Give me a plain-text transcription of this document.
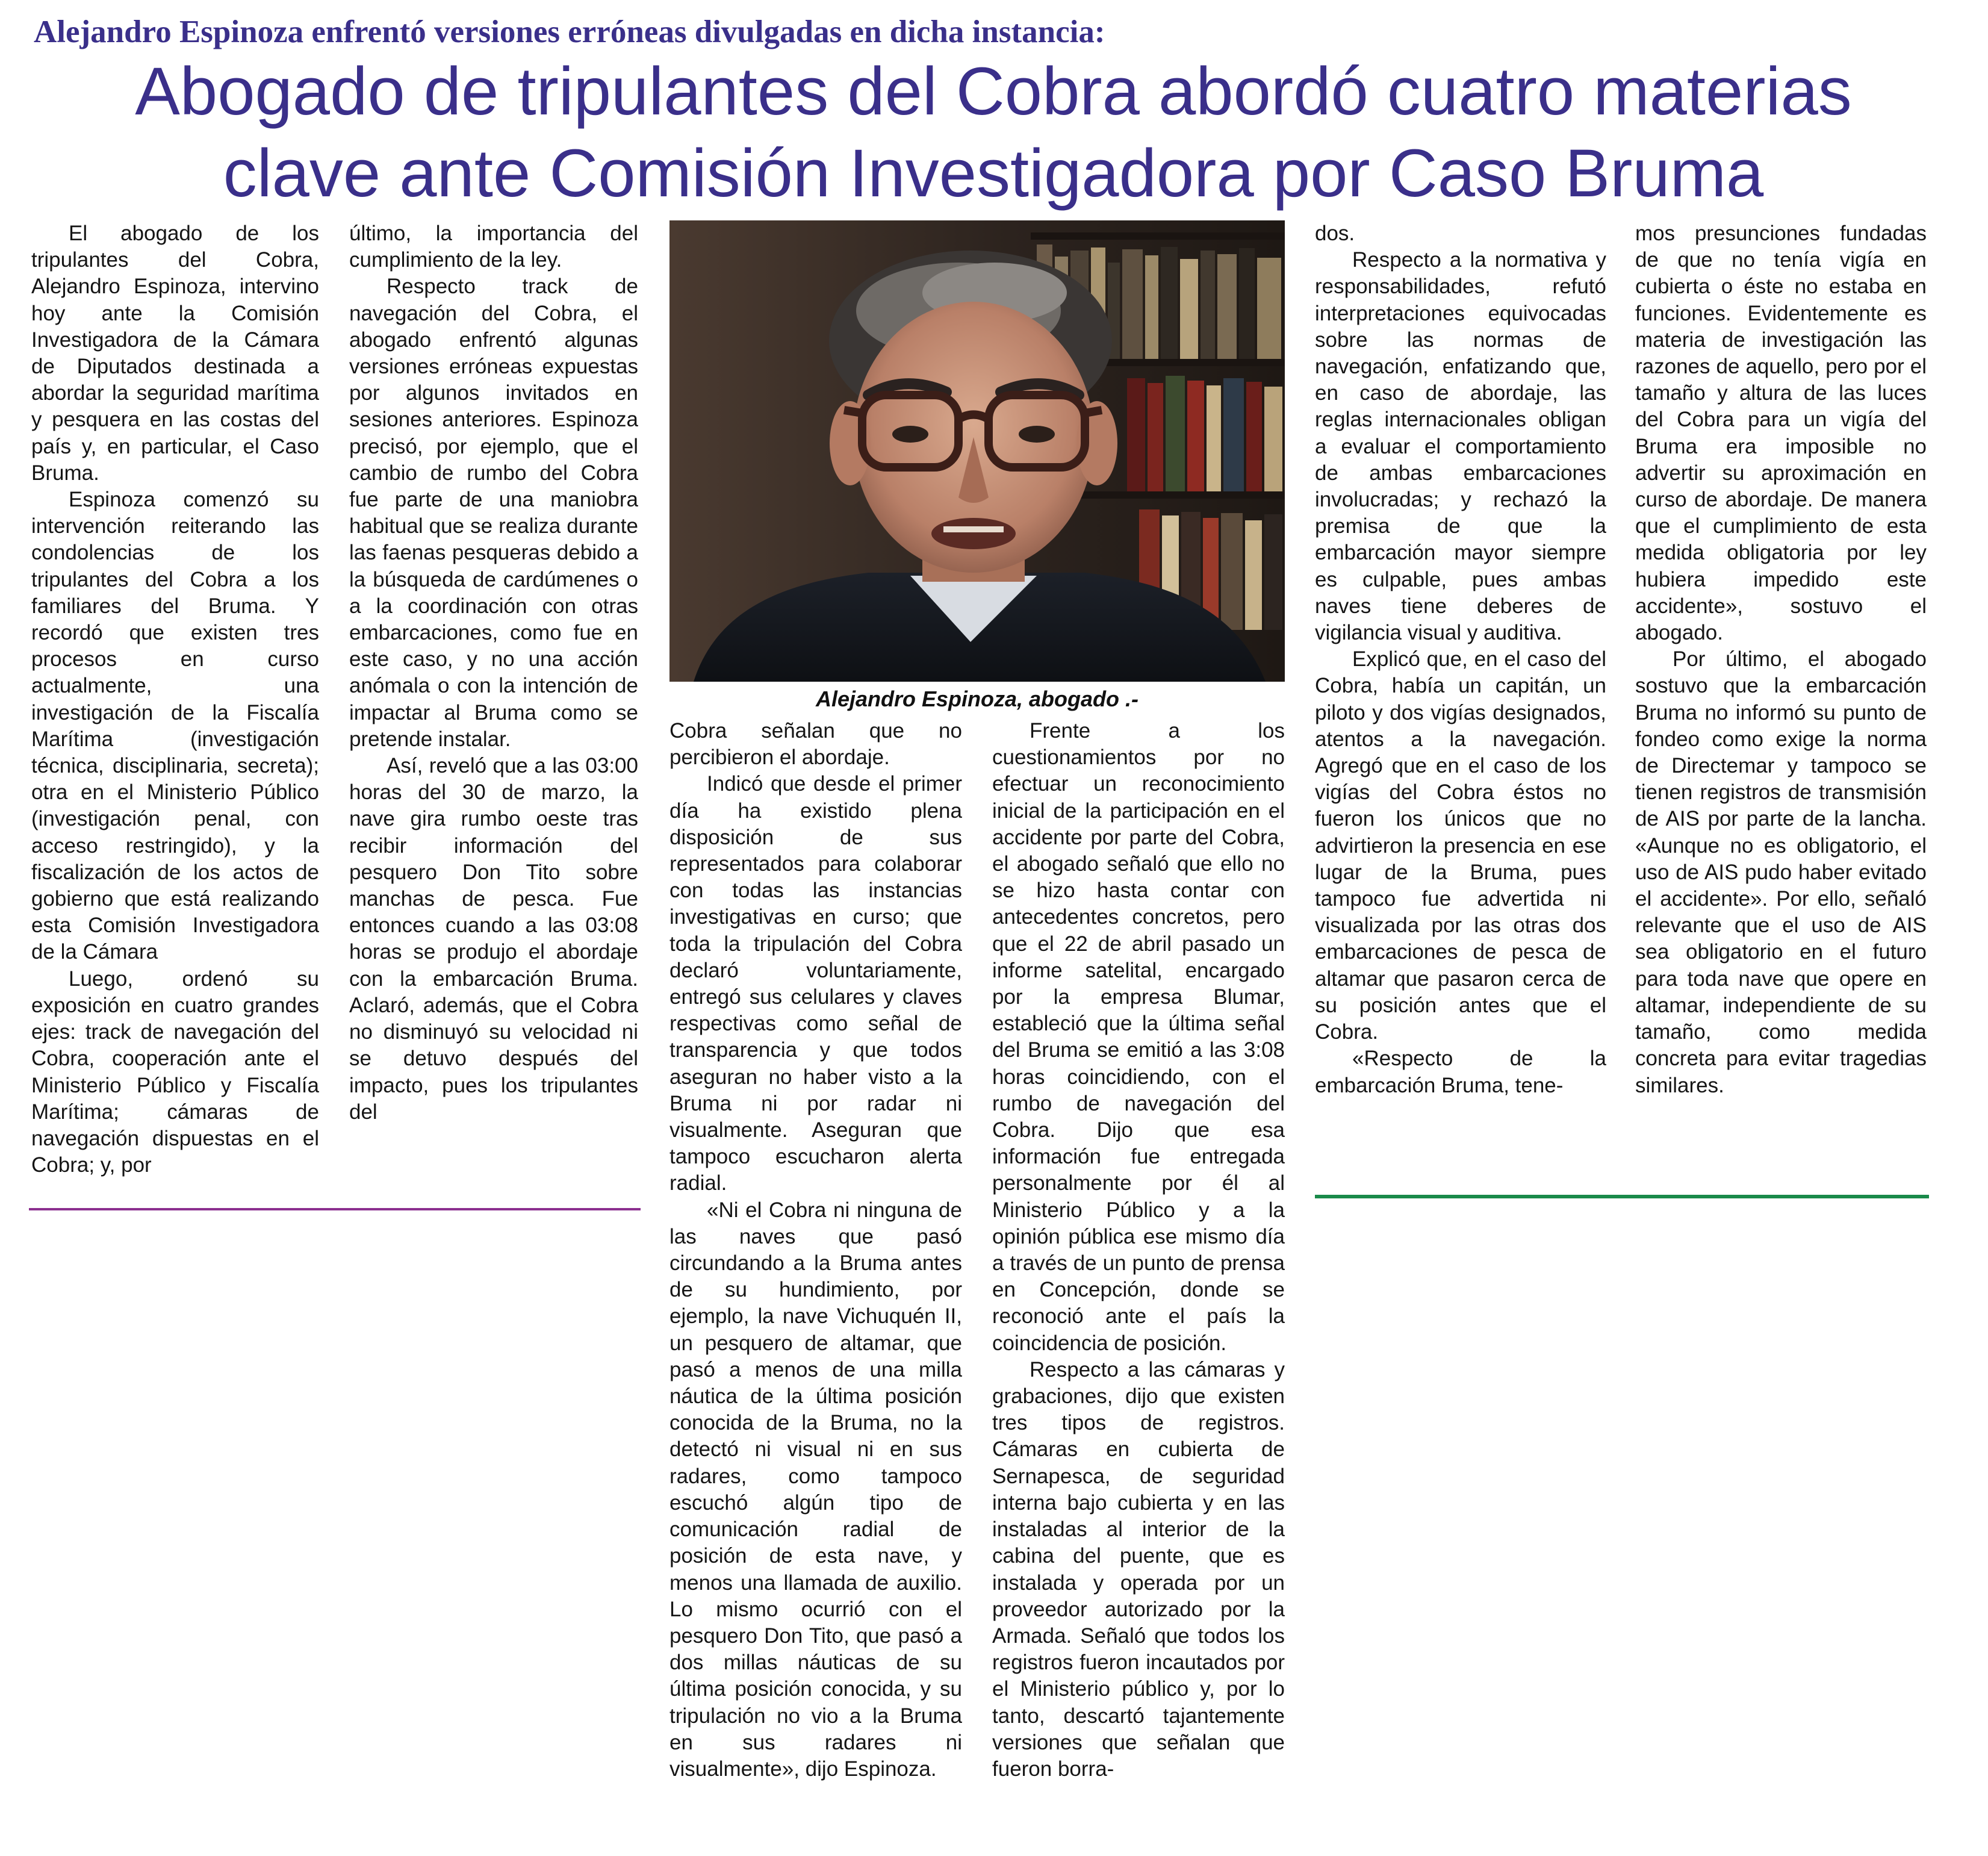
Alejandro Espinoza enfrentó versiones erróneas divulgadas en dicha instancia:
Abogado de tripulantes del Cobra abordó cuatro materias
clave ante Comisión Investigadora por Caso Bruma

El abogado de los tripulantes del Cobra, Alejandro Espinoza, intervino hoy ante la Comisión Investigadora de la Cámara de Diputados destinada a abordar la seguridad marítima y pesquera en las costas del país y, en particular, el Caso Bruma.

Espinoza comenzó su intervención reiterando las condolencias de los tripulantes del Cobra a los familiares del Bruma. Y recordó que existen tres procesos en curso actualmente, una investigación de la Fiscalía Marítima (investigación técnica, disciplinaria, secreta); otra en el Ministerio Público (investigación penal, con acceso restringido), y la fiscalización de los actos de gobierno que está realizando esta Comisión Investigadora de la Cámara

Luego, ordenó su exposición en cuatro grandes ejes: track de navegación del Cobra, cooperación ante el Ministerio Público y Fiscalía Marítima; cámaras de navegación dispuestas en el Cobra; y, por

último, la importancia del cumplimiento de la ley.

Respecto track de navegación del Cobra, el abogado enfrentó algunas versiones erróneas expuestas por algunos invitados en sesiones anteriores. Espinoza precisó, por ejemplo, que el cambio de rumbo del Cobra fue parte de una maniobra habitual que se realiza durante las faenas pesqueras debido a la búsqueda de cardúmenes o a la coordinación con otras embarcaciones, como fue en este caso, y no una acción anómala o con la intención de impactar al Bruma como se pretende instalar.

Así, reveló que a las 03:00 horas del 30 de marzo, la nave gira rumbo oeste tras recibir información del pesquero Don Tito sobre manchas de pesca. Fue entonces cuando a las 03:08 horas se produjo el abordaje con la embarcación Bruma. Aclaró, además, que el Cobra no disminuyó su velocidad ni se detuvo después del impacto, pues los tripulantes del

Alejandro Espinoza, abogado .-

Cobra señalan que no percibieron el abordaje.

Indicó que desde el primer día ha existido plena disposición de sus representados para colaborar con todas las instancias investigativas en curso; que toda la tripulación del Cobra declaró voluntariamente, entregó sus celulares y claves respectivas como señal de transparencia y que todos aseguran no haber visto a la Bruma ni por radar ni visualmente. Aseguran que tampoco escucharon alerta radial.

«Ni el Cobra ni ninguna de las naves que pasó circundando a la Bruma antes de su hundimiento, por ejemplo, la nave Vichuquén II, un pesquero de altamar, que pasó a menos de una milla náutica de la última posición conocida de la Bruma, no la detectó ni visual ni en sus radares, como tampoco escuchó algún tipo de comunicación radial de posición de esta nave, y menos una llamada de auxilio. Lo mismo ocurrió con el pesquero Don Tito, que pasó a dos millas náuticas de su última posición conocida, y su tripulación no vio a la Bruma en sus radares ni visualmente», dijo Espinoza.

Frente a los cuestionamientos por no efectuar un reconocimiento inicial de la participación en el accidente por parte del Cobra, el abogado señaló que ello no se hizo hasta contar con antecedentes concretos, pero que el 22 de abril pasado un informe satelital, encargado por la empresa Blumar, estableció que la última señal del Bruma se emitió a las 3:08 horas coincidiendo, con el rumbo de navegación del Cobra. Dijo que esa información fue entregada personalmente por él al Ministerio Público y a la opinión pública ese mismo día a través de un punto de prensa en Concepción, donde se reconoció ante el país la coincidencia de posición.

Respecto a las cámaras y grabaciones, dijo que existen tres tipos de registros. Cámaras en cubierta de Sernapesca, de seguridad interna bajo cubierta y en las instaladas al interior de la cabina del puente, que es instalada y operada por un proveedor autorizado por la Armada. Señaló que todos los registros fueron incautados por el Ministerio público y, por lo tanto, descartó tajantemente versiones que señalan que fueron borra-

dos.

Respecto a la normativa y responsabilidades, refutó interpretaciones equivocadas sobre las normas de navegación, enfatizando que, en caso de abordaje, las reglas internacionales obligan a evaluar el comportamiento de ambas embarcaciones involucradas; y rechazó la premisa de que la embarcación mayor siempre es culpable, pues ambas naves tiene deberes de vigilancia visual y auditiva.

Explicó que, en el caso del Cobra, había un capitán, un piloto y dos vigías designados, atentos a la navegación. Agregó que en el caso de los vigías del Cobra éstos no fueron los únicos que no advirtieron la presencia en ese lugar de la Bruma, pues tampoco fue advertida ni visualizada por las otras dos embarcaciones de pesca de altamar que pasaron cerca de su posición antes que el Cobra.

«Respecto de la embarcación Bruma, tene-

mos presunciones fundadas de que no tenía vigía en cubierta o éste no estaba en funciones. Evidentemente es materia de investigación las razones de aquello, pero por el tamaño y altura de las luces del Cobra para un vigía del Bruma era imposible no advertir su aproximación en curso de abordaje. De manera que el cumplimiento de esta medida obligatoria por ley hubiera impedido este accidente», sostuvo el abogado.

Por último, el abogado sostuvo que la embarcación Bruma no informó su punto de fondeo como exige la norma de Directemar y tampoco se tienen registros de transmisión de AIS por parte de la lancha. «Aunque no es obligatorio, el uso de AIS pudo haber evitado el accidente». Por ello, señaló relevante que el uso de AIS sea obligatorio en el futuro para toda nave que opere en altamar, independiente de su tamaño, como medida concreta para evitar tragedias similares.
